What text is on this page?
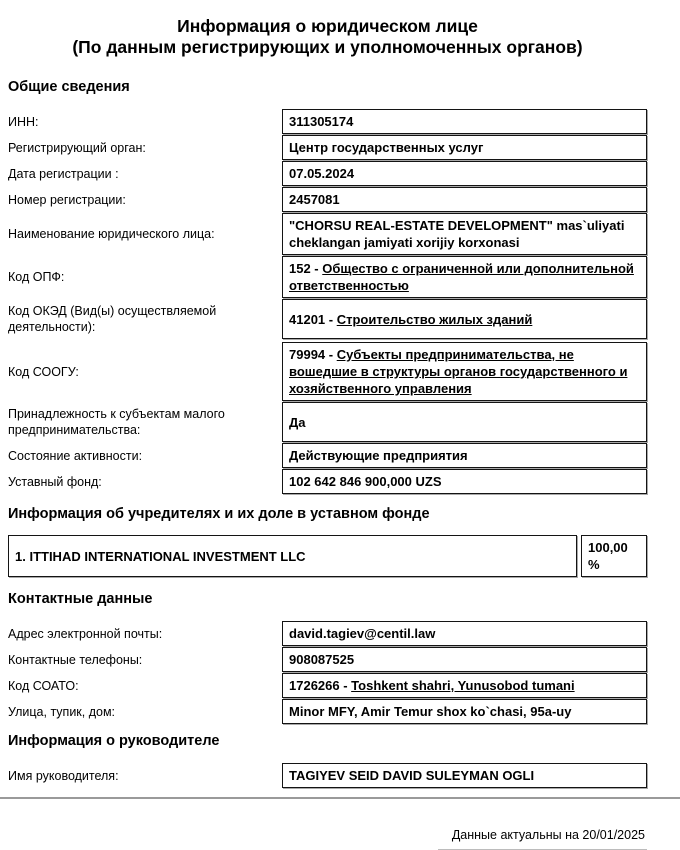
Информация о юридическом лице
(По данным регистрирующих и уполномоченных органов)
Общие сведения
ИНН:	311305174
Регистрирующий орган:	Центр государственных услуг
Дата регистрации :	07.05.2024
Номер регистрации:	2457081
Наименование юридического лица:
"CHORSU REAL-ESTATE DEVELOPMENT" mas`uliyati cheklangan jamiyati xorijiy korxonasi
Код ОПФ:
152 - Общество с ограниченной или дополнительной ответственностью
Код ОКЭД (Вид(ы) осуществляемой деятельности):
41201 - Строительство жилых зданий
Код СООГУ:
79994 - Субъекты предпринимательства, не вошедшие в структуры органов государственного и хозяйственного управления
Принадлежность к субъектам малого предпринимательства:
Да
Состояние активности:	Действующие предприятия
Уставный фонд:	102 642 846 900,000 UZS
Информация об учредителях и их доле в уставном фонде
1. ITTIHAD INTERNATIONAL INVESTMENT LLC
100,00 %
Контактные данные
Адрес электронной почты:	david.tagiev@centil.law
Контактные телефоны:	908087525
Код СОАТО:	1726266 - Toshkent shahri, Yunusobod tumani
Улица, тупик, дом:	Minor MFY, Amir Temur shox ko`chasi, 95a-uy
Информация о руководителе
Имя руководителя:	TAGIYEV SEID DAVID SULEYMAN OGLI
Данные актуальны на 20/01/2025
